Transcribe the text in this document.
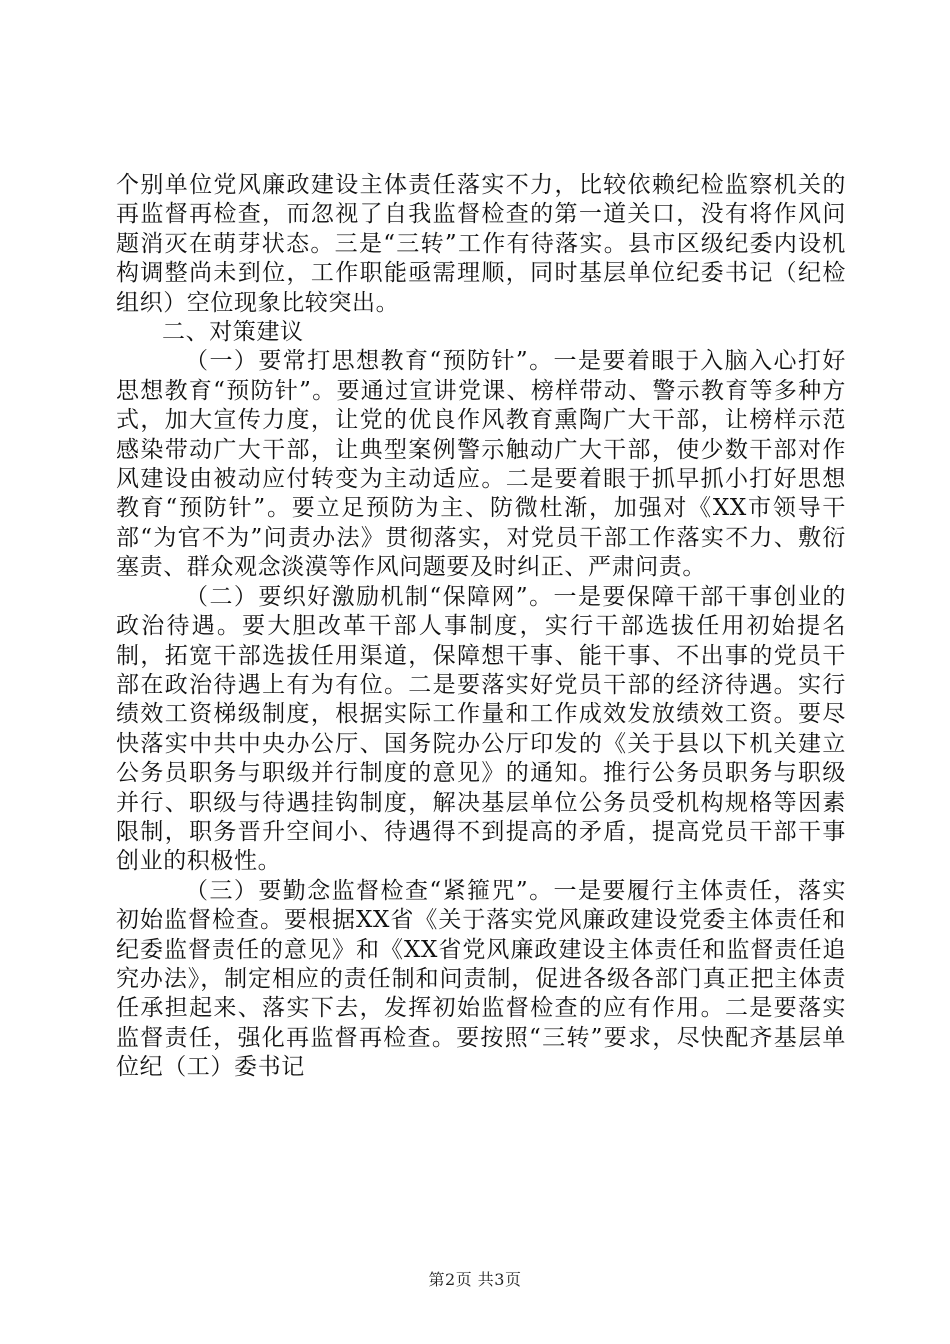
个别单位党风廉政建设主体责任落实不力，比较依赖纪检监察机关的再监督再检查，而忽视了自我监督检查的第一道关口，没有将作风问题消灭在萌芽状态。三是“三转”工作有待落实。县市区级纪委内设机构调整尚未到位，工作职能亟需理顺，同时基层单位纪委书记（纪检组织）空位现象比较突出。

二、对策建议

（一）要常打思想教育“预防针”。一是要着眼于入脑入心打好思想教育“预防针”。要通过宣讲党课、榜样带动、警示教育等多种方式，加大宣传力度，让党的优良作风教育熏陶广大干部，让榜样示范感染带动广大干部，让典型案例警示触动广大干部，使少数干部对作风建设由被动应付转变为主动适应。二是要着眼于抓早抓小打好思想教育“预防针”。要立足预防为主、防微杜渐，加强对《XX市领导干部“为官不为”问责办法》贯彻落实，对党员干部工作落实不力、敷衍塞责、群众观念淡漠等作风问题要及时纠正、严肃问责。

（二）要织好激励机制“保障网”。一是要保障干部干事创业的政治待遇。要大胆改革干部人事制度，实行干部选拔任用初始提名制，拓宽干部选拔任用渠道，保障想干事、能干事、不出事的党员干部在政治待遇上有为有位。二是要落实好党员干部的经济待遇。实行绩效工资梯级制度，根据实际工作量和工作成效发放绩效工资。要尽快落实中共中央办公厅、国务院办公厅印发的《关于县以下机关建立公务员职务与职级并行制度的意见》的通知。推行公务员职务与职级并行、职级与待遇挂钩制度，解决基层单位公务员受机构规格等因素限制，职务晋升空间小、待遇得不到提高的矛盾，提高党员干部干事创业的积极性。

（三）要勤念监督检查“紧箍咒”。一是要履行主体责任，落实初始监督检查。要根据XX省《关于落实党风廉政建设党委主体责任和纪委监督责任的意见》和《XX省党风廉政建设主体责任和监督责任追究办法》，制定相应的责任制和问责制，促进各级各部门真正把主体责任承担起来、落实下去，发挥初始监督检查的应有作用。二是要落实监督责任，强化再监督再检查。要按照“三转”要求，尽快配齐基层单位纪（工）委书记

第2页 共3页
